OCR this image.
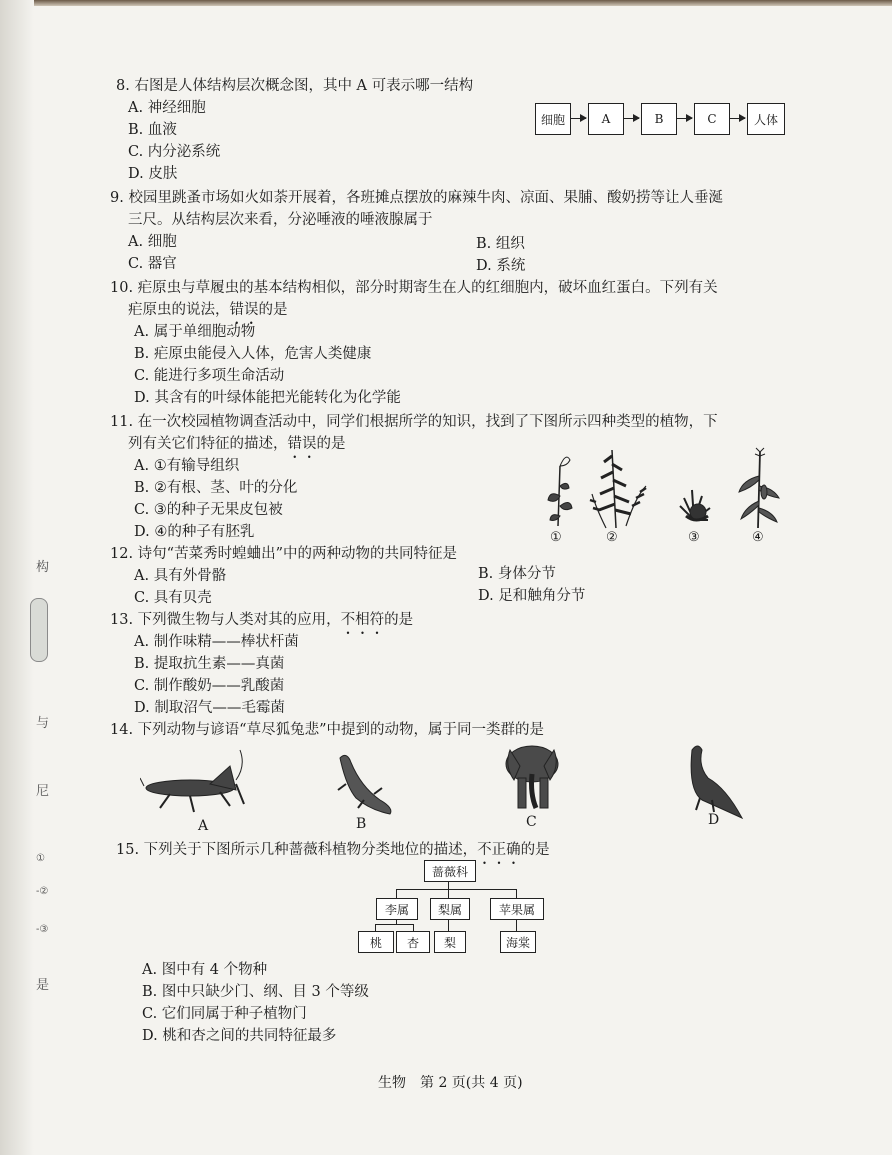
构
与
尼
①
-②
-③
是
8. 右图是人体结构层次概念图，其中 A 可表示哪一结构
A. 神经细胞
B. 血液
C. 内分泌系统
D. 皮肤
细胞	A	B	C	人体
9. 校园里跳蚤市场如火如荼开展着，各班摊点摆放的麻辣牛肉、凉面、果脯、酸奶捞等让人垂涎
三尺。从结构层次来看，分泌唾液的唾液腺属于
A. 细胞	B. 组织
C. 器官	D. 系统
10. 疟原虫与草履虫的基本结构相似，部分时期寄生在人的红细胞内，破坏血红蛋白。下列有关
疟原虫的说法，错误的是
A. 属于单细胞动物
B. 疟原虫能侵入人体，危害人类健康
C. 能进行多项生命活动
D. 其含有的叶绿体能把光能转化为化学能
11. 在一次校园植物调查活动中，同学们根据所学的知识，找到了下图所示四种类型的植物，下
列有关它们特征的描述，错误的是
A. ①有输导组织
B. ②有根、茎、叶的分化
C. ③的种子无果皮包被
D. ④的种子有胚乳	①	②	③	④
12. 诗句“苦菜秀时蝗蛐出”中的两种动物的共同特征是
A. 具有外骨骼	B. 身体分节
C. 具有贝壳	D. 足和触角分节
13. 下列微生物与人类对其的应用，不相符的是
A. 制作味精——棒状杆菌
B. 提取抗生素——真菌
C. 制作酸奶——乳酸菌
D. 制取沼气——毛霉菌
14. 下列动物与谚语“草尽狐兔悲”中提到的动物，属于同一类群的是
A	B	C	D
15. 下列关于下图所示几种蔷薇科植物分类地位的描述，不正确的是
蔷薇科
李属	梨属	苹果属
桃	杏	梨	海棠
A. 图中有 4 个物种
B. 图中只缺少门、纲、目 3 个等级
C. 它们同属于种子植物门
D. 桃和杏之间的共同特征最多
生物　第 2 页(共 4 页)
